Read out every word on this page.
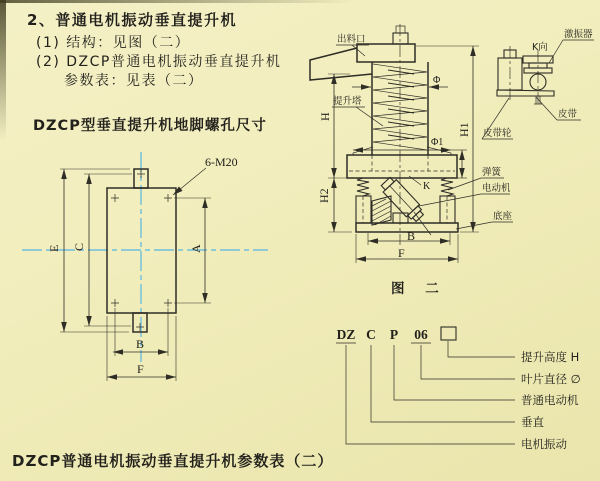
2、普通电机振动垂直提升机
(1) 结构：见图（二）
(2) DZCP普通电机振动垂直提升机
参数表：见表（二）
DZCP型垂直提升机地脚螺孔尺寸
图 二
DZCP普通电机振动垂直提升机参数表（二）
6-M20
E C	A
B
F
Φ
Φ1
K
H
H2
H1
B
F
出料口
提升塔
弹簧
电动机
底座
K向
激振器
皮带
皮带轮
DZ C P 06
提升高度 H
叶片直径 ∅
普通电动机
垂直
电机振动
